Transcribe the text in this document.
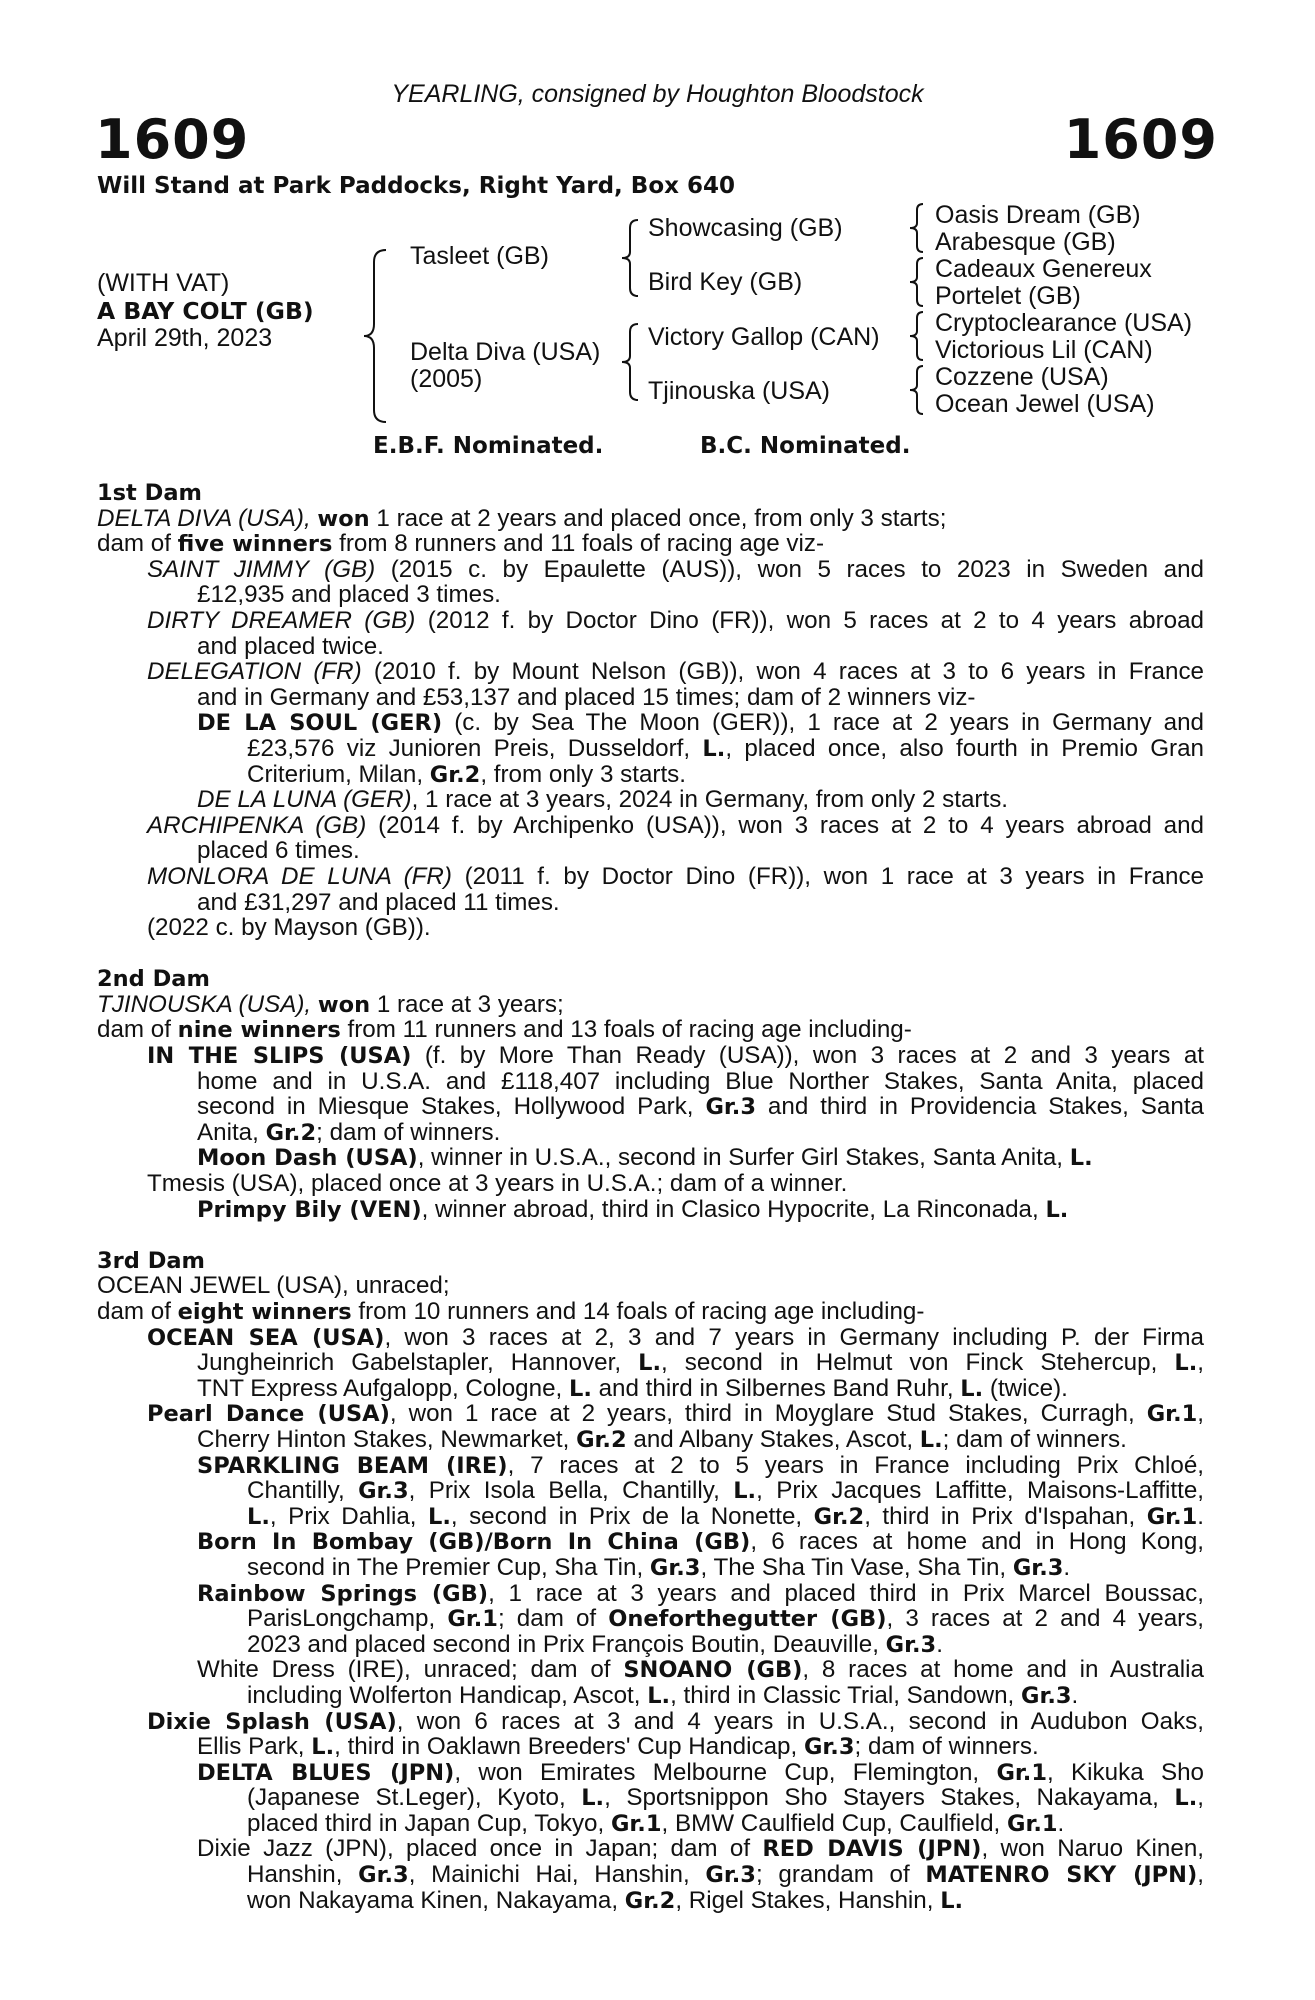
YEARLING, consigned by Houghton Bloodstock
1609	1609
Will Stand at Park Paddocks, Right Yard, Box 640
(WITH VAT)
A BAY COLT (GB)
April 29th, 2023
Tasleet (GB)
Delta Diva (USA)
(2005)
Showcasing (GB)
Bird Key (GB)
Victory Gallop (CAN)
Tjinouska (USA)
Oasis Dream (GB)
Arabesque (GB)
Cadeaux Genereux
Portelet (GB)
Cryptoclearance (USA)
Victorious Lil (CAN)
Cozzene (USA)
Ocean Jewel (USA)
E.B.F. Nominated.	B.C. Nominated.
1st Dam
DELTA DIVA (USA), won 1 race at 2 years and placed once, from only 3 starts;
dam of five winners from 8 runners and 11 foals of racing age viz-
SAINT JIMMY (GB) (2015 c. by Epaulette (AUS)), won 5 races to 2023 in Sweden and
£12,935 and placed 3 times.
DIRTY DREAMER (GB) (2012 f. by Doctor Dino (FR)), won 5 races at 2 to 4 years abroad
and placed twice.
DELEGATION (FR) (2010 f. by Mount Nelson (GB)), won 4 races at 3 to 6 years in France
and in Germany and £53,137 and placed 15 times; dam of 2 winners viz-
DE LA SOUL (GER) (c. by Sea The Moon (GER)), 1 race at 2 years in Germany and
£23,576 viz Junioren Preis, Dusseldorf, L., placed once, also fourth in Premio Gran
Criterium, Milan, Gr.2, from only 3 starts.
DE LA LUNA (GER), 1 race at 3 years, 2024 in Germany, from only 2 starts.
ARCHIPENKA (GB) (2014 f. by Archipenko (USA)), won 3 races at 2 to 4 years abroad and
placed 6 times.
MONLORA DE LUNA (FR) (2011 f. by Doctor Dino (FR)), won 1 race at 3 years in France
and £31,297 and placed 11 times.
(2022 c. by Mayson (GB)).
2nd Dam
TJINOUSKA (USA), won 1 race at 3 years;
dam of nine winners from 11 runners and 13 foals of racing age including-
IN THE SLIPS (USA) (f. by More Than Ready (USA)), won 3 races at 2 and 3 years at
home and in U.S.A. and £118,407 including Blue Norther Stakes, Santa Anita, placed
second in Miesque Stakes, Hollywood Park, Gr.3 and third in Providencia Stakes, Santa
Anita, Gr.2; dam of winners.
Moon Dash (USA), winner in U.S.A., second in Surfer Girl Stakes, Santa Anita, L.
Tmesis (USA), placed once at 3 years in U.S.A.; dam of a winner.
Primpy Bily (VEN), winner abroad, third in Clasico Hypocrite, La Rinconada, L.
3rd Dam
OCEAN JEWEL (USA), unraced;
dam of eight winners from 10 runners and 14 foals of racing age including-
OCEAN SEA (USA), won 3 races at 2, 3 and 7 years in Germany including P. der Firma
Jungheinrich Gabelstapler, Hannover, L., second in Helmut von Finck Stehercup, L.,
TNT Express Aufgalopp, Cologne, L. and third in Silbernes Band Ruhr, L. (twice).
Pearl Dance (USA), won 1 race at 2 years, third in Moyglare Stud Stakes, Curragh, Gr.1,
Cherry Hinton Stakes, Newmarket, Gr.2 and Albany Stakes, Ascot, L.; dam of winners.
SPARKLING BEAM (IRE), 7 races at 2 to 5 years in France including Prix Chloé,
Chantilly, Gr.3, Prix Isola Bella, Chantilly, L., Prix Jacques Laffitte, Maisons-Laffitte,
L., Prix Dahlia, L., second in Prix de la Nonette, Gr.2, third in Prix d'Ispahan, Gr.1.
Born In Bombay (GB)/Born In China (GB), 6 races at home and in Hong Kong,
second in The Premier Cup, Sha Tin, Gr.3, The Sha Tin Vase, Sha Tin, Gr.3.
Rainbow Springs (GB), 1 race at 3 years and placed third in Prix Marcel Boussac,
ParisLongchamp, Gr.1; dam of Oneforthegutter (GB), 3 races at 2 and 4 years,
2023 and placed second in Prix François Boutin, Deauville, Gr.3.
White Dress (IRE), unraced; dam of SNOANO (GB), 8 races at home and in Australia
including Wolferton Handicap, Ascot, L., third in Classic Trial, Sandown, Gr.3.
Dixie Splash (USA), won 6 races at 3 and 4 years in U.S.A., second in Audubon Oaks,
Ellis Park, L., third in Oaklawn Breeders' Cup Handicap, Gr.3; dam of winners.
DELTA BLUES (JPN), won Emirates Melbourne Cup, Flemington, Gr.1, Kikuka Sho
(Japanese St.Leger), Kyoto, L., Sportsnippon Sho Stayers Stakes, Nakayama, L.,
placed third in Japan Cup, Tokyo, Gr.1, BMW Caulfield Cup, Caulfield, Gr.1.
Dixie Jazz (JPN), placed once in Japan; dam of RED DAVIS (JPN), won Naruo Kinen,
Hanshin, Gr.3, Mainichi Hai, Hanshin, Gr.3; grandam of MATENRO SKY (JPN),
won Nakayama Kinen, Nakayama, Gr.2, Rigel Stakes, Hanshin, L.
